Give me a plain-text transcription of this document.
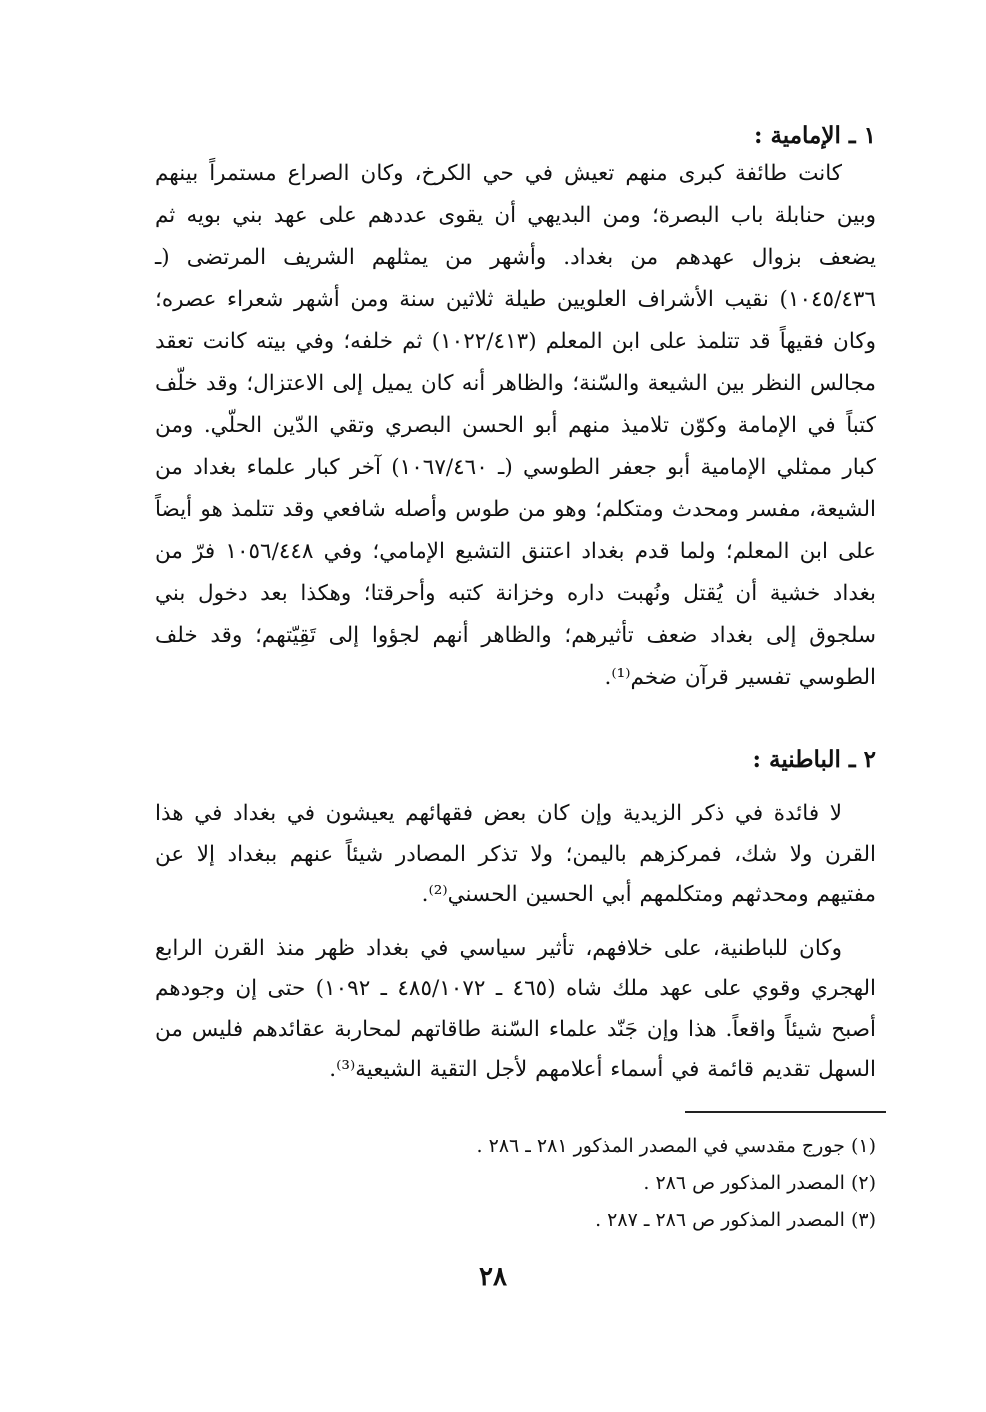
١ ـ الإمامية :

كانت طائفة كبرى منهم تعيش في حي الكرخ، وكان الصراع مستمراً بينهم وبين حنابلة باب البصرة؛ ومن البديهي أن يقوى عددهم على عهد بني بويه ثم يضعف بزوال عهدهم من بغداد. وأشهر من يمثلهم الشريف المرتضى (ـ ١٠٤٥/٤٣٦) نقيب الأشراف العلويين طيلة ثلاثين سنة ومن أشهر شعراء عصره؛ وكان فقيهاً قد تتلمذ على ابن المعلم (١٠٢٢/٤١٣) ثم خلفه؛ وفي بيته كانت تعقد مجالس النظر بين الشيعة والسّنة؛ والظاهر أنه كان يميل إلى الاعتزال؛ وقد خلّف كتباً في الإمامة وكوّن تلاميذ منهم أبو الحسن البصري وتقي الدّين الحلّي. ومن كبار ممثلي الإمامية أبو جعفر الطوسي (ـ ١٠٦٧/٤٦٠) آخر كبار علماء بغداد من الشيعة، مفسر ومحدث ومتكلم؛ وهو من طوس وأصله شافعي وقد تتلمذ هو أيضاً على ابن المعلم؛ ولما قدم بغداد اعتنق التشيع الإمامي؛ وفي ١٠٥٦/٤٤٨ فرّ من بغداد خشية أن يُقتل ونُهبت داره وخزانة كتبه وأحرقتا؛ وهكذا بعد دخول بني سلجوق إلى بغداد ضعف تأثيرهم؛ والظاهر أنهم لجؤوا إلى تَقِيّتهم؛ وقد خلف الطوسي تفسير قرآن ضخم⁽¹⁾.

٢ ـ الباطنية :

لا فائدة في ذكر الزيدية وإن كان بعض فقهائهم يعيشون في بغداد في هذا القرن ولا شك، فمركزهم باليمن؛ ولا تذكر المصادر شيئاً عنهم ببغداد إلا عن مفتيهم ومحدثهم ومتكلمهم أبي الحسين الحسني⁽²⁾.

وكان للباطنية، على خلافهم، تأثير سياسي في بغداد ظهر منذ القرن الرابع الهجري وقوي على عهد ملك شاه (٤٦٥ ـ ٤٨٥/١٠٧٢ ـ ١٠٩٢) حتى إن وجودهم أصبح شيئاً واقعاً. هذا وإن جَنّد علماء السّنة طاقاتهم لمحاربة عقائدهم فليس من السهل تقديم قائمة في أسماء أعلامهم لأجل التقية الشيعية⁽³⁾.

(١) جورج مقدسي في المصدر المذكور ٢٨١ ـ ٢٨٦ .
(٢) المصدر المذكور ص ٢٨٦ .
(٣) المصدر المذكور ص ٢٨٦ ـ ٢٨٧ .
٢٨
